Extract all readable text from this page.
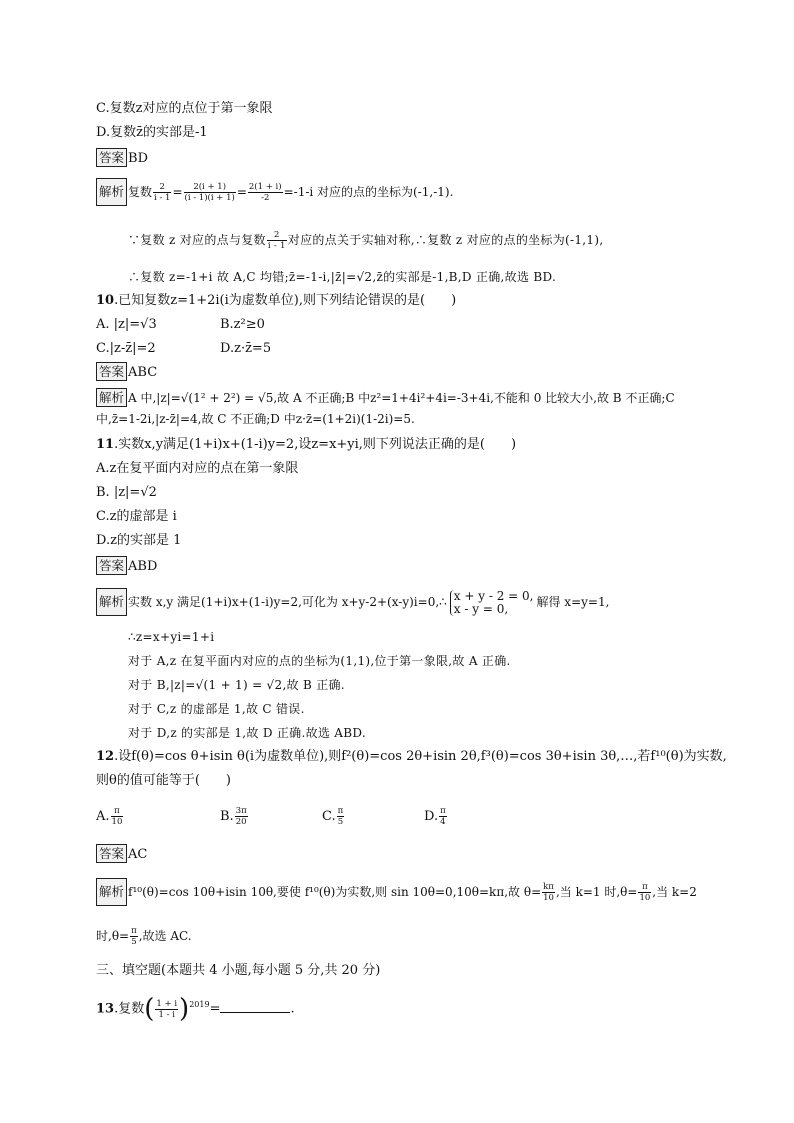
C.复数z对应的点位于第一象限
D.复数z̄的实部是-1
答案 BD
解析 复数 $\frac{2}{i - 1} = \frac{2(i + 1)}{(i - 1)(i + 1)} = \frac{2(1 + i)}{-2} =-1-i$ 对应的点的坐标为(-1,-1).
∵复数 z 对应的点与复数 $\frac{2}{i - 1}$ 对应的点关于实轴对称,∴复数 z 对应的点的坐标为(-1,1),
∴复数 z=-1+i 故 A,C 均错;z̄=-1-i,|z̄|=√2,z̄的实部是-1,B,D 正确,故选 BD.
10.已知复数z=1+2i(i为虚数单位),则下列结论错误的是(　　)
A. |z|=√3	B.z²≥0
C.|z-z̄|=2	D.z·z̄=5
答案 ABC
解析 A 中,|z|=√(1² + 2²) = √5,故 A 不正确;B 中z²=1+4i²+4i=-3+4i,不能和 0 比较大小,故 B 不正确;C
中,z̄=1-2i,|z-z̄|=4,故 C 不正确;D 中z·z̄=(1+2i)(1-2i)=5.
11.实数x,y满足(1+i)x+(1-i)y=2,设z=x+yi,则下列说法正确的是(　　)
A.z在复平面内对应的点在第一象限
B. |z|=√2
C.z的虚部是 i
D.z的实部是 1
答案 ABD
解析 实数 x,y 满足(1+i)x+(1-i)y=2,可化为 x+y-2+(x-y)i=0,∴ x + y - 2 = 0,
x - y = 0,	解得 x=y=1,
∴z=x+yi=1+i
对于 A,z 在复平面内对应的点的坐标为(1,1),位于第一象限,故 A 正确.
对于 B,|z|=√(1 + 1) = √2,故 B 正确.
对于 C,z 的虚部是 1,故 C 错误.
对于 D,z 的实部是 1,故 D 正确.故选 ABD.
12.设f(θ)=cos θ+isin θ(i为虚数单位),则f²(θ)=cos 2θ+isin 2θ,f³(θ)=cos 3θ+isin 3θ,…,若f¹⁰(θ)为实数,
则θ的值可能等于(　　)
A. $\frac{\pi}{10}$	B. $\frac{3\pi}{20}$	C. $\frac{\pi}{5}$	D. $\frac{\pi}{4}$
答案 AC
解析 f¹⁰(θ)=cos 10θ+isin 10θ,要使 f¹⁰(θ)为实数,则 sin 10θ=0,10θ=kπ,故 $\theta= \frac{k\pi}{10}$ ,当 k=1 时$,\theta= \frac{\pi}{10}$ ,当 k=2
时$,\theta= \frac{\pi}{5}$ ,故选 AC.
三、填空题(本题共 4 小题,每小题 5 分,共 20 分)
13.复数( $\frac{1 + i}{1 - i} )^{2019}=$	.
